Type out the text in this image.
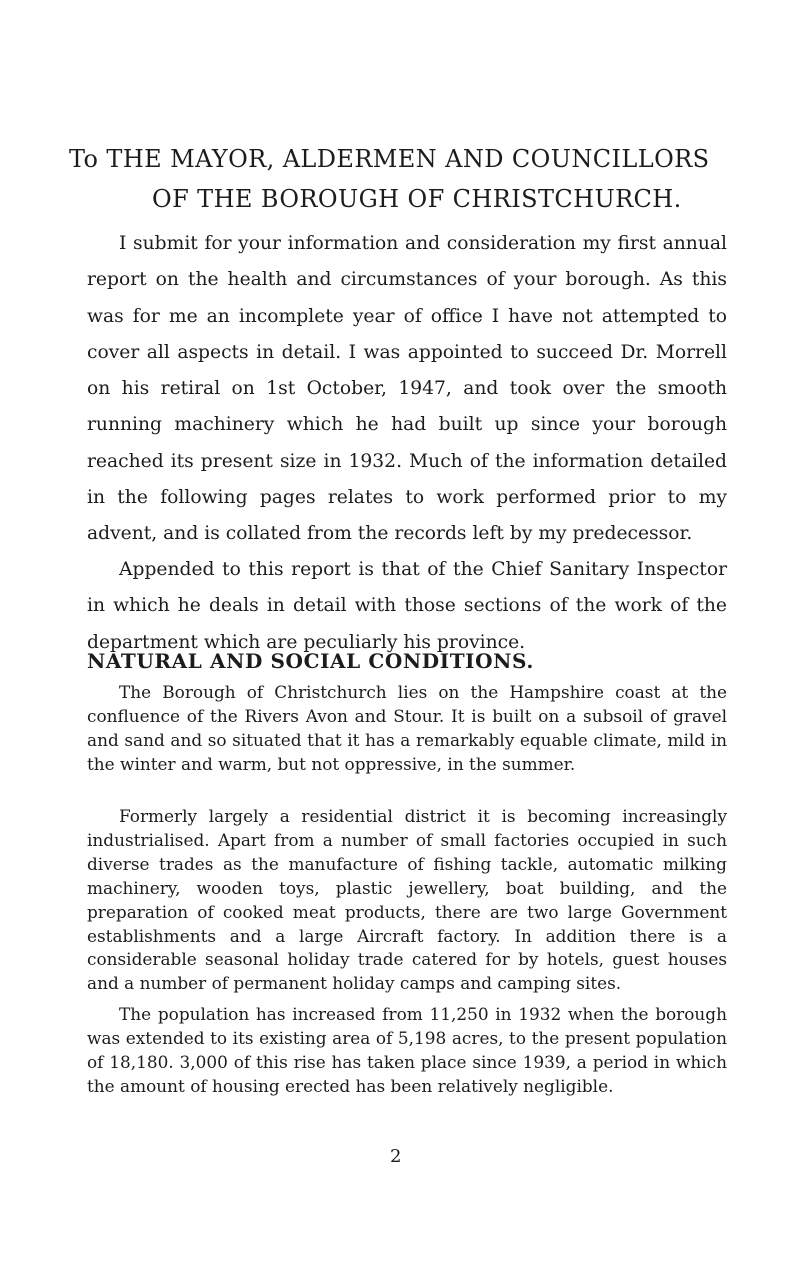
To THE MAYOR, ALDERMEN AND COUNCILLORS
OF THE BOROUGH OF CHRISTCHURCH.

I submit for your information and consideration my first annual report on the health and circumstances of your borough. As this was for me an incomplete year of office I have not attempted to cover all aspects in detail. I was appointed to succeed Dr. Morrell on his retiral on 1st October, 1947, and took over the smooth running machinery which he had built up since your borough reached its present size in 1932. Much of the information detailed in the following pages relates to work performed prior to my advent, and is collated from the records left by my predecessor.

Appended to this report is that of the Chief Sanitary Inspector in which he deals in detail with those sections of the work of the department which are peculiarly his province.

NATURAL AND SOCIAL CONDITIONS.

The Borough of Christchurch lies on the Hampshire coast at the confluence of the Rivers Avon and Stour. It is built on a subsoil of gravel and sand and so situated that it has a remarkably equable climate, mild in the winter and warm, but not oppressive, in the summer.

Formerly largely a residential district it is becoming increasingly industrialised. Apart from a number of small factories occupied in such diverse trades as the manufacture of fishing tackle, automatic milking machinery, wooden toys, plastic jewellery, boat building, and the preparation of cooked meat products, there are two large Government establishments and a large Aircraft factory. In addition there is a considerable seasonal holiday trade catered for by hotels, guest houses and a number of permanent holiday camps and camping sites.

The population has increased from 11,250 in 1932 when the borough was extended to its existing area of 5,198 acres, to the present population of 18,180. 3,000 of this rise has taken place since 1939, a period in which the amount of housing erected has been relatively negligible.

2
